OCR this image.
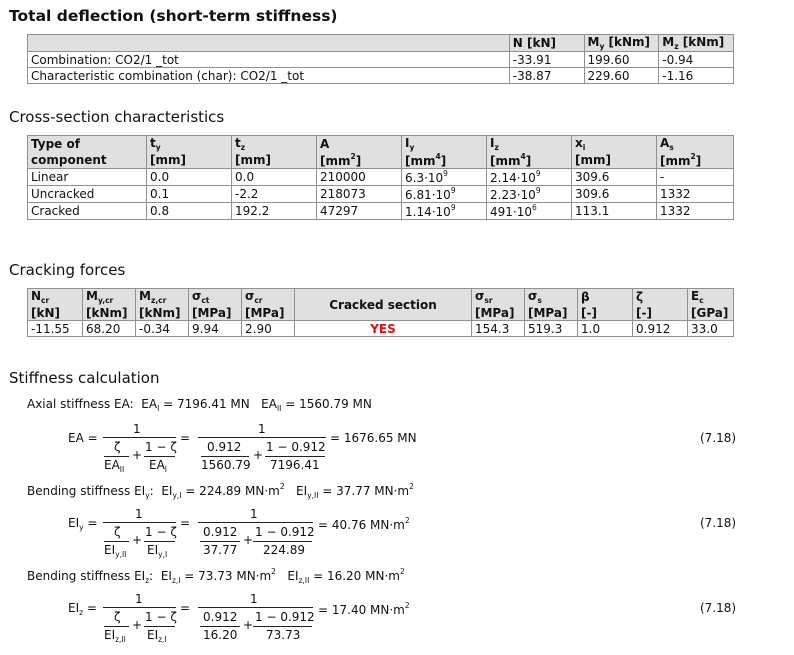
Total deflection (short-term stiffness)
	N [kN]	$M_y$ [kNm]	$M_z$ [kNm]
Combination: CO2/1 _tot	-33.91	199.60	-0.94
Characteristic combination (char): CO2/1 _tot	-38.87	229.60	-1.16
Cross-section characteristics
Type of	$t_y$	$t_z$	A	$I_y$	$I_z$	$x_i$	$A_s$
component	[mm]	[mm]	$[mm^2]$	$[mm^4]$	$[mm^4]$	[mm]	$[mm^2]$
Linear	0.0	0.0	210000	$6.3\cdot 10^9$	$2.14\cdot 10^9$	309.6	-
Uncracked	0.1	-2.2	218073	$6.81\cdot 10^9$	$2.23\cdot 10^9$	309.6	1332
Cracked	0.8	192.2	47297	$1.14\cdot 10^9$	$491\cdot 10^6$	113.1	1332
Cracking forces
$N_{cr}$	$M_{y,cr}$	$M_{z,cr}$	$\sigma_{ct}$	$\sigma_{cr}$	Cracked section	$\sigma_{sr}$	$\sigma_s$	β	ζ	$E_c$
[kN]	[kNm]	[kNm]	[MPa]	[MPa]		[MPa]	[MPa]	[-]	[-]	[GPa]
-11.55	68.20	-0.34	9.94	2.90	YES	154.3	519.3	1.0	0.912	33.0
Stiffness calculation
Axial stiffness EA:  $EA_I = 7196.41$ MN   $EA_{II} = 1560.79$ MN
EA =
1
ζ
$EA_{II}$
+
1 − ζ
$EA_I$
=
1
0.912
1560.79
+
1 − 0.912
7196.41
= 1676.65 MN	(7.18)
Bending stiffness $EI_y$:  $EI_{y,I} = 224.89$ $MN\cdot m^2$   $EI_{y,II} = 37.77$ $MN\cdot m^2$
$EI_y$ =
1
ζ
$EI_{y,II}$
+
1 − ζ
$EI_{y,I}$
=
1
0.912
37.77
+
1 − 0.912
224.89
= 40.76 $MN\cdot m^2$	(7.18)
Bending stiffness $EI_z$:  $EI_{z,I} = 73.73$ $MN\cdot m^2$   $EI_{z,II} = 16.20$ $MN\cdot m^2$
$EI_z$ =
1
ζ
$EI_{z,II}$
+
1 − ζ
$EI_{z,I}$
=
1
0.912
16.20
+
1 − 0.912
73.73
= 17.40 $MN\cdot m^2$	(7.18)
